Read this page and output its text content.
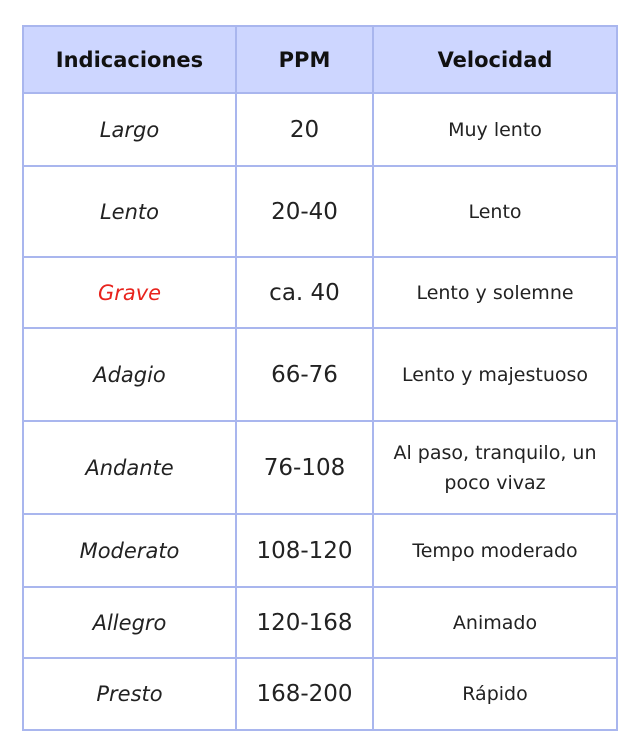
Indicaciones	PPM	Velocidad
Largo	20	Muy lento
Lento	20-40	Lento
Grave	ca. 40	Lento y solemne
Adagio	66-76	Lento y majestuoso
Andante	76-108	Al paso, tranquilo, un poco vivaz
Moderato	108-120	Tempo moderado
Allegro	120-168	Animado
Presto	168-200	Rápido
